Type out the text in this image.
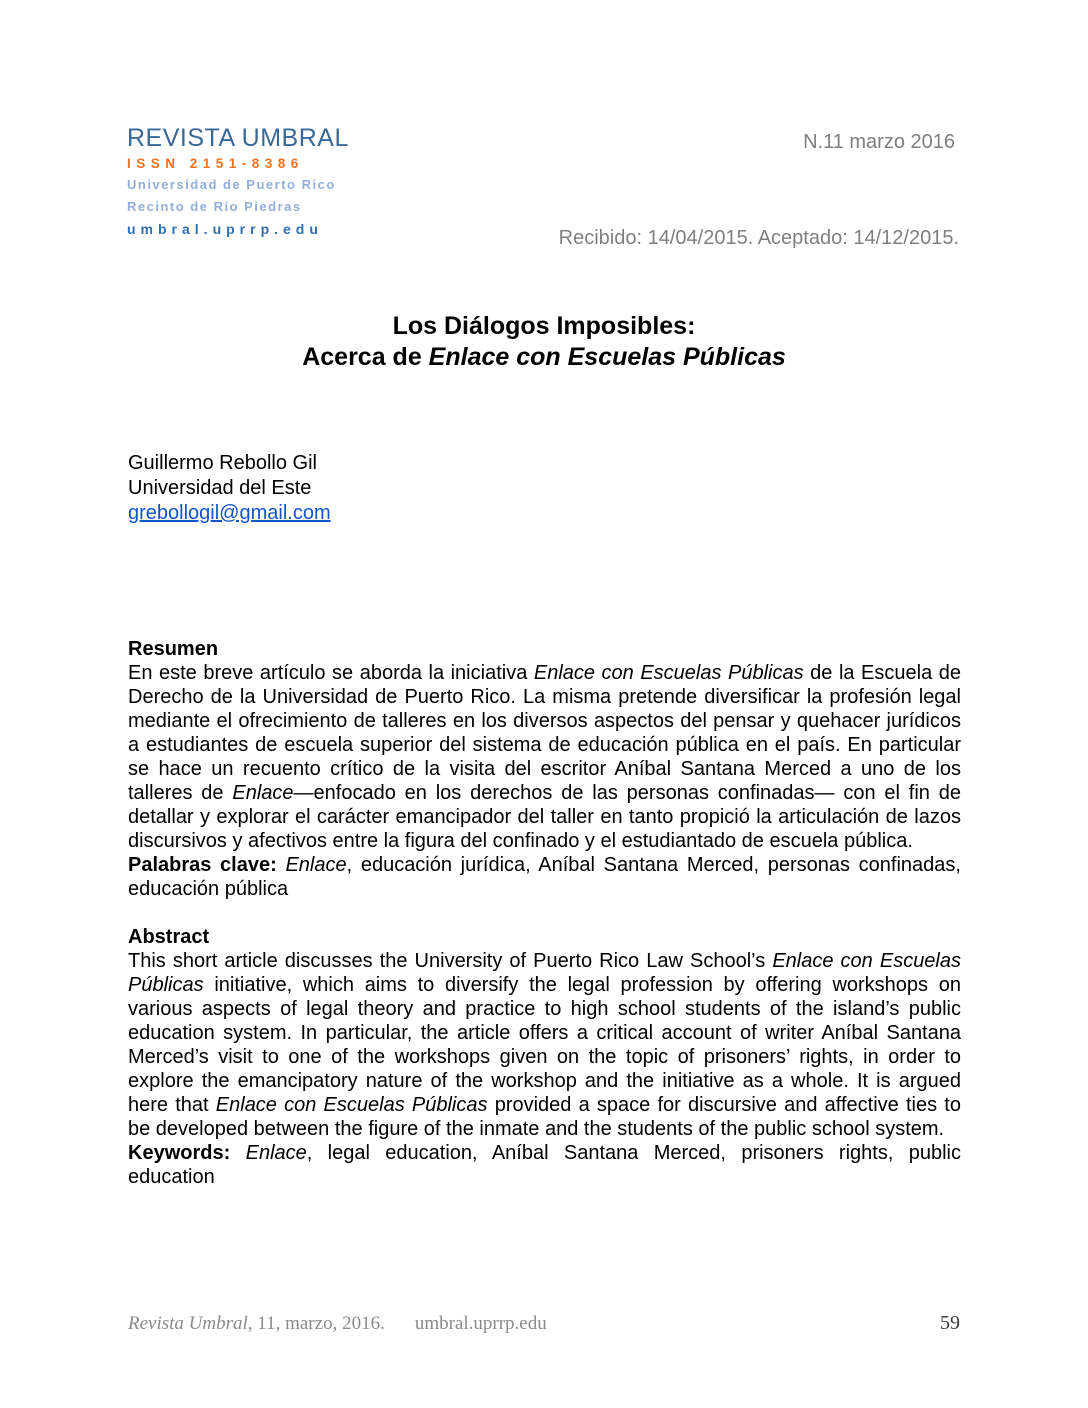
REVISTA UMBRAL
ISSN 2151-8386
Universidad de Puerto Rico
Recinto de Río Piedras
umbral.uprrp.edu
N.11 marzo 2016
Recibido: 14/04/2015. Aceptado: 14/12/2015.
Los Diálogos Imposibles:
Acerca de Enlace con Escuelas Públicas
Guillermo Rebollo Gil
Universidad del Este
grebollogil@gmail.com
Resumen

En este breve artículo se aborda la iniciativa Enlace con Escuelas Públicas de la Escuela de Derecho de la Universidad de Puerto Rico. La misma pretende diversificar la profesión legal mediante el ofrecimiento de talleres en los diversos aspectos del pensar y quehacer jurídicos a estudiantes de escuela superior del sistema de educación pública en el país. En particular se hace un recuento crítico de la visita del escritor Aníbal Santana Merced a uno de los talleres de Enlace—enfocado en los derechos de las personas confinadas— con el fin de detallar y explorar el carácter emancipador del taller en tanto propició la articulación de lazos discursivos y afectivos entre la figura del confinado y el estudiantado de escuela pública.

Palabras clave: Enlace, educación jurídica, Aníbal Santana Merced, personas confinadas, educación pública

Abstract

This short article discusses the University of Puerto Rico Law School’s Enlace con Escuelas Públicas initiative, which aims to diversify the legal profession by offering workshops on various aspects of legal theory and practice to high school students of the island’s public education system. In particular, the article offers a critical account of writer Aníbal Santana Merced’s visit to one of the workshops given on the topic of prisoners’ rights, in order to explore the emancipatory nature of the workshop and the initiative as a whole. It is argued here that Enlace con Escuelas Públicas provided a space for discursive and affective ties to be developed between the figure of the inmate and the students of the public school system.

Keywords: Enlace, legal education, Aníbal Santana Merced, prisoners rights, public education

Revista Umbral, 11, marzo, 2016. umbral.uprrp.edu	59
